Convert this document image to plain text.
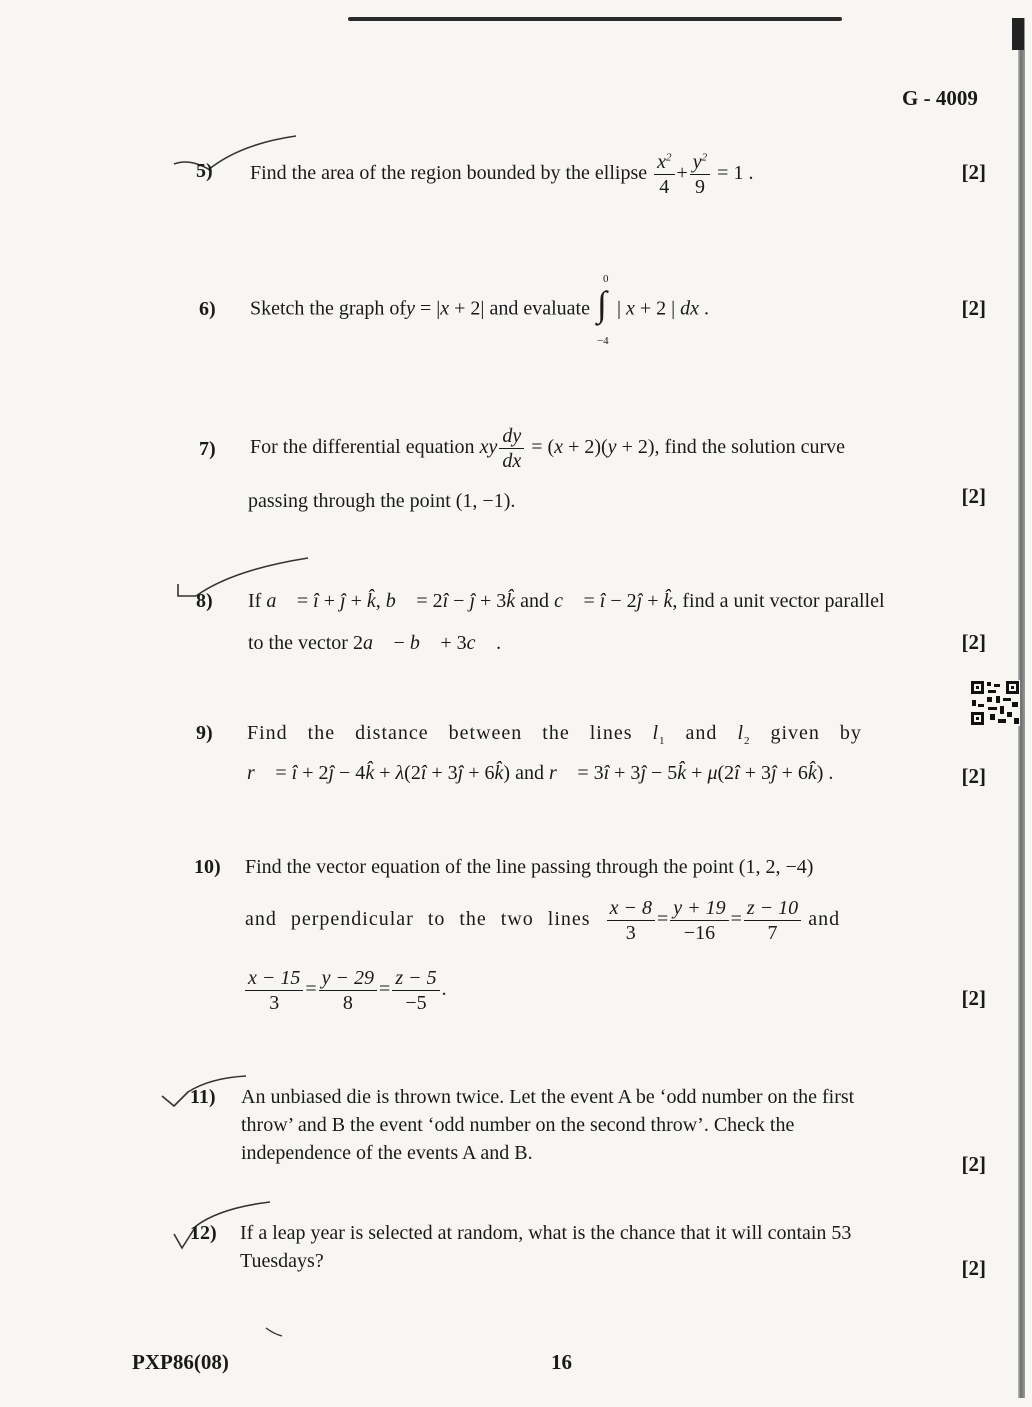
G - 4009
5) Find the area of the region bounded by the ellipse $\frac{x^2}{4} + \frac{y^2}{9} = 1$ .	[2]
6) Sketch the graph ofy = |x + 2| and evaluate
0
∫
−4
| x + 2 | dx .	[2]
7) For the differential equation xy $\frac{dy}{dx} = (x + 2)(y + 2)$, find the solution curve
passing through the point (1, −1).	[2]
8) If a⃗ = î + ĵ + k̂, b⃗ = 2î − ĵ + 3k̂ and c⃗ = î − 2ĵ + k̂, find a unit vector parallel
to the vector 2a⃗ − b⃗ + 3c⃗ .	[2]
9) Find the distance between the lines $l_1$ and $l_2$ given by
r⃗ = î + 2ĵ − 4k̂ + λ(2î + 3ĵ + 6k̂) and r⃗ = 3î + 3ĵ − 5k̂ + μ(2î + 3ĵ + 6k̂) .	[2]
10) Find the vector equation of the line passing through the point (1, 2, −4)
and perpendicular to the two lines $\frac{x - 8}{3} = \frac{y + 19}{-16} = \frac{z - 10}{7}$ and
$\frac{x - 15}{3} = \frac{y - 29}{8} = \frac{z - 5}{-5}$ .	[2]
11) An unbiased die is thrown twice. Let the event A be ‘odd number on the first
throw’ and B the event ‘odd number on the second throw’. Check the
independence of the events A and B.	[2]
12) If a leap year is selected at random, what is the chance that it will contain 53
Tuesdays?	[2]
PXP86(08)	16
